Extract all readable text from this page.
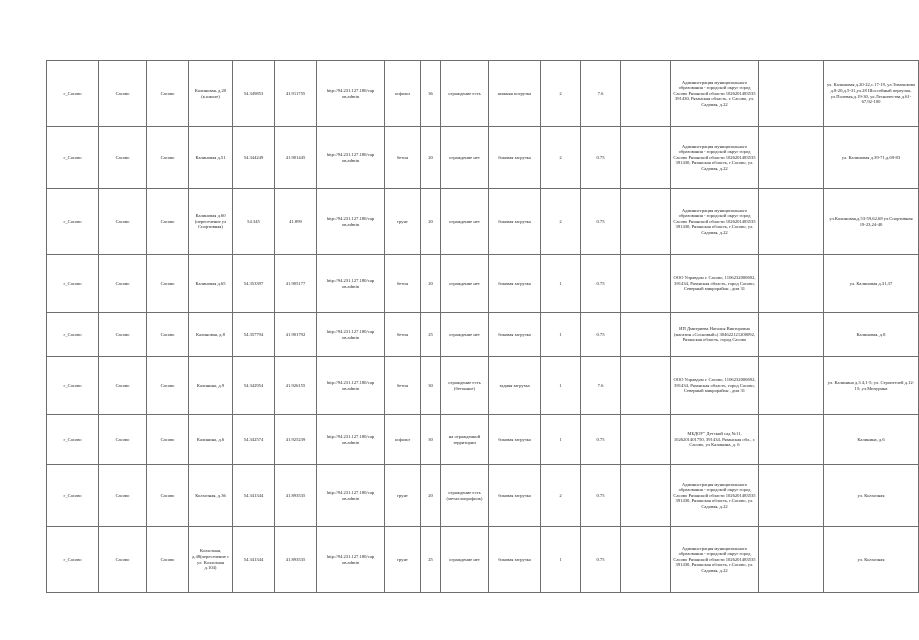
г_Сасово	Сасово	Сасово	Калиновая, д.20 (к.школе)	54.349853	41.911755	http://94.231.127.180/сар ов.admin	асфальт	36	ограждение есть	нижняя погрузка	2	7.6		Администрация муниципального образования - городской округ город Сасово Рязанской области 1026201483535 391430, Рязанская область, г. Сасово, ул. Садовая, д.22		ул. Калиновая д.20-22,с.17-19, ул.Тимошкова д.8-20,д.5-31,ул.28 Шоссейный переулок, ул.Полевая,д.19-30, ул.Лесничества д.61-67,92-100
г_Сасово	Сасово	Сасово	Калиновая д.51	54.344249	41.901445	http://94.231.127.180/сар ов.admin	бетон	20	ограждение нет	боковая загрузка	2	0.75		Администрация муниципального образования - городской округ город Сасово Рязанской области 1026201483535 391430, Рязанская область, г.Сасово, ул. Садовая, д.22		ул. Калиновая д.39-71,д.69-83
г_Сасово	Сасово	Сасово	Калиновая д.60 (пересечение ул Спортивная)	54.345	41.899	http://94.231.127.180/сар ов.admin	грунт	20	ограждение нет	боковая загрузка	2	0.75		Администрация муниципального образования - городской округ город Сасово Рязанской области 1026201483535 391430, Рязанская область, г.Сасово, ул. Садовая, д.22		ул.Калиновая,д.53-59,62,68 ул.Спортивная 19-23,24-40
г_Сасово	Сасово	Сасово	Калиновая д.65	54.353397	41.905177	http://94.231.127.180/сар ов.admin	бетон	20	ограждение нет	боковая загрузка	1	0.75		ООО Управдом г. Сасово, 1106232000692, 391434, Рязанская область, город Сасово, Северный микрорайон , дом 31		ул. Калиновая д.31,37
г_Сасово	Сасово	Сасово	Калиновая, д.8	54.357794	41.901792	http://94.231.127.180/сар ов.admin	бетон	25	ограждение нет	боковая загрузка	1	0.75		ИП Дмитриева Наталья Викторовна (магазин «Сосновый») 304622121200092, Рязанская область, город Сасово		Калиновая, д.8
г_Сасово	Сасово	Сасово	Калинина, д.9	54.342954	41.926155	http://94.231.127.180/сар ов.admin	бетон	30	ограждение есть (бетонное)	задняя загрузка	1	7.6		ООО Управдом г. Сасово, 1106232000692, 391434, Рязанская область, город Сасово, Северный микрорайон , дом 31		ул. Калинина д.3 4,1-5; ул. Строителей д.12-15; ул.Мичурина
г_Сасово	Сасово	Сасово	Калинина, д.6	54.342574	41.925239	http://94.231.127.180/сар ов.admin	асфальт	30	на огражденной территории	боковая загрузка	1	0.75		МБДОУ" Детский сад №11, 1026201401750, 391434, Рязанская обл., г. Сасово, ул Калинина, д. 6		Калинина, д.6
г_Сасово	Сасово	Сасово	Колхозная, д.36	54.341344	41.893535	http://94.231.127.180/сар ов.admin	грунт	20	ограждение есть (металлопрофиль)	боковая загрузка	2	0.75		Администрация муниципального образования - городской округ город Сасово Рязанской области 1026201483535 391430, Рязанская область, г.Сасово, ул. Садовая, д.22		ул. Колхозная
г_Сасово	Сасово	Сасово	Колхозная, д.48(пересечение с ул. Колхозная д.104)	54.341344	41.893535	http://94.231.127.180/сар ов.admin	грунт	25	ограждение нет	боковая загрузка	1	0.75		Администрация муниципального образования - городской округ город Сасово Рязанской области 1026201483535 391430, Рязанская область, г.Сасово, ул. Садовая, д.22		ул. Колхозная
